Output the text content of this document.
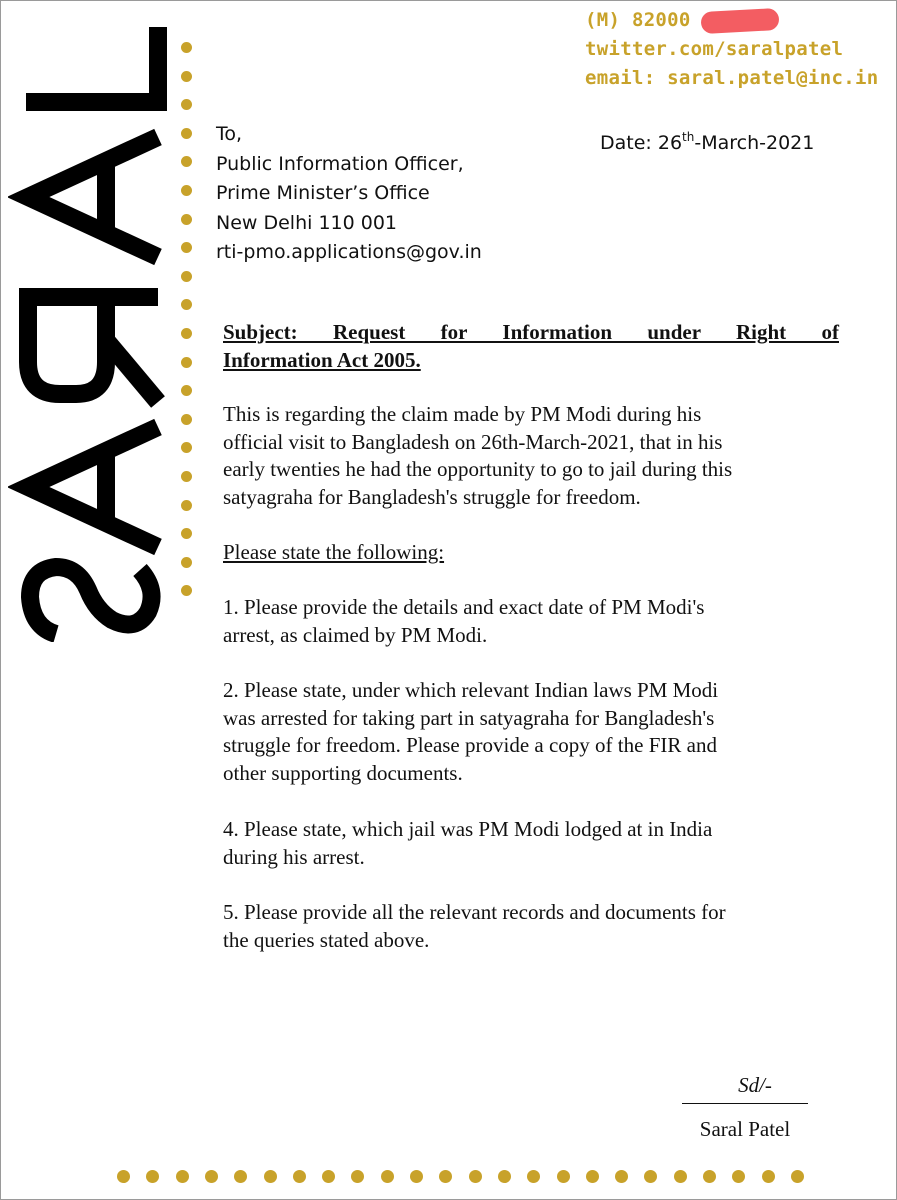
(M) 82000
twitter.com/saralpatel
email: saral.patel@inc.in
To,
Public Information Officer,
Prime Minister’s Office
New Delhi 110 001
rti-pmo.applications@gov.in
Date: 26th-March-2021
Subject: Request for Information under Right of
Information Act 2005.
This is regarding the claim made by PM Modi during his
official visit to Bangladesh on 26th-March-2021, that in his
early twenties he had the opportunity to go to jail during this
satyagraha for Bangladesh's struggle for freedom.
Please state the following:
1. Please provide the details and exact date of PM Modi's
arrest, as claimed by PM Modi.
2. Please state, under which relevant Indian laws PM Modi
was arrested for taking part in satyagraha for Bangladesh's
struggle for freedom. Please provide a copy of the FIR and
other supporting documents.
4. Please state, which jail was PM Modi lodged at in India
during his arrest.
5. Please provide all the relevant records and documents for
the queries stated above.
Sd/-
Saral Patel
